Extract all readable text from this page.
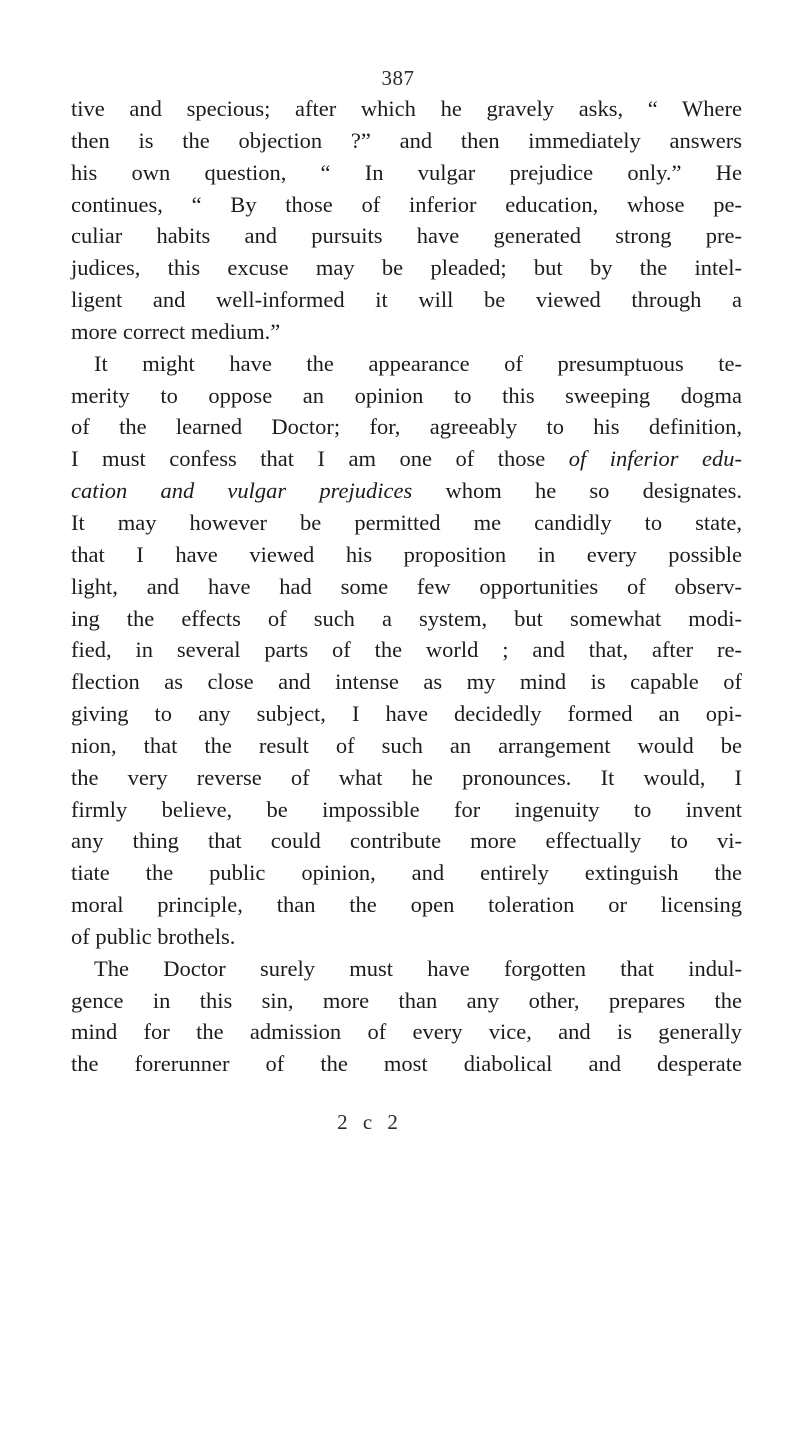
387
tive and specious; after which he gravely asks, “ Where
then is the objection ?” and then immediately answers
his own question, “ In vulgar prejudice only.” He
continues, “ By those of inferior education, whose pe-
culiar habits and pursuits have generated strong pre-
judices, this excuse may be pleaded; but by the intel-
ligent and well-informed it will be viewed through a
more correct medium.”
It might have the appearance of presumptuous te-
merity to oppose an opinion to this sweeping dogma
of the learned Doctor; for, agreeably to his definition,
I must confess that I am one of those of inferior edu-
cation and vulgar prejudices whom he so designates.
It may however be permitted me candidly to state,
that I have viewed his proposition in every possible
light, and have had some few opportunities of observ-
ing the effects of such a system, but somewhat modi-
fied, in several parts of the world ; and that, after re-
flection as close and intense as my mind is capable of
giving to any subject, I have decidedly formed an opi-
nion, that the result of such an arrangement would be
the very reverse of what he pronounces. It would, I
firmly believe, be impossible for ingenuity to invent
any thing that could contribute more effectually to vi-
tiate the public opinion, and entirely extinguish the
moral principle, than the open toleration or licensing
of public brothels.
The Doctor surely must have forgotten that indul-
gence in this sin, more than any other, prepares the
mind for the admission of every vice, and is generally
the forerunner of the most diabolical and desperate
2 c 2
